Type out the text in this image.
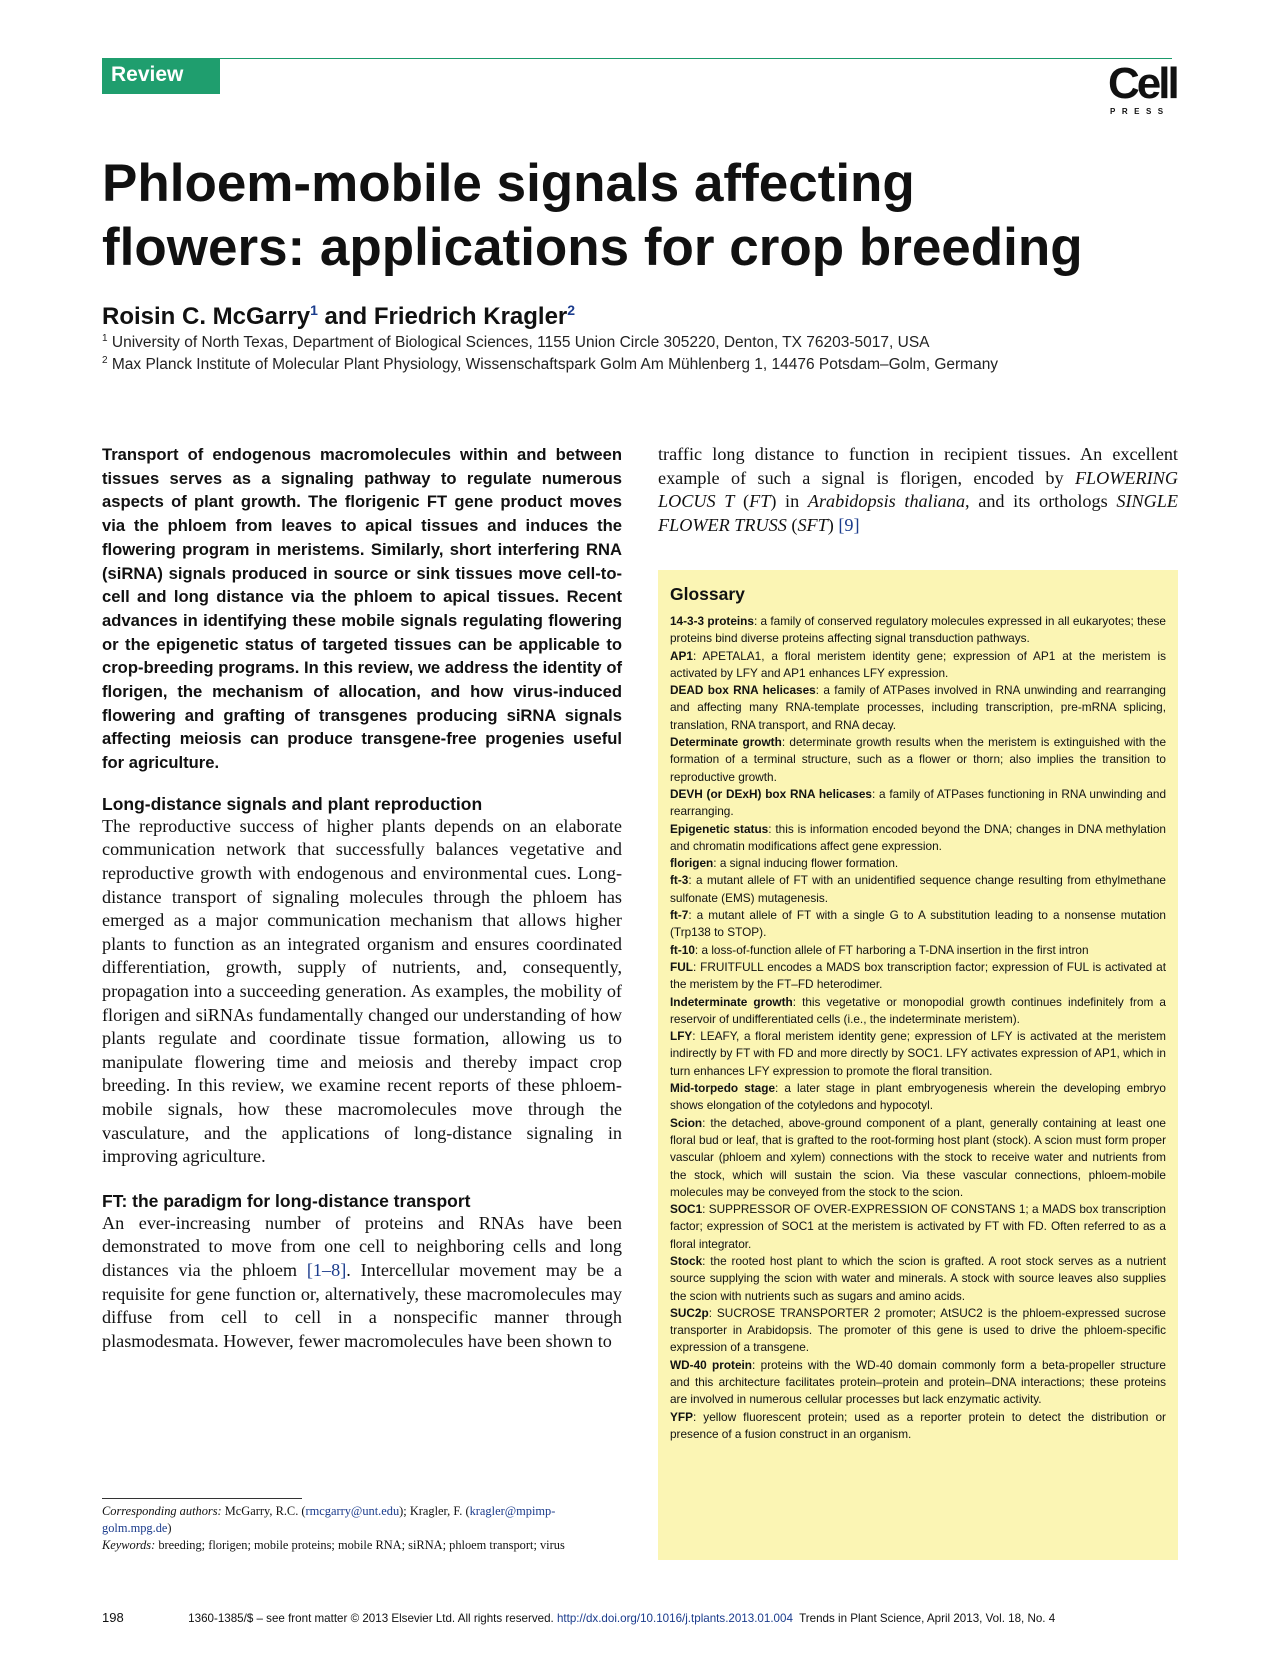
Review	Cell
PRESS
Phloem-mobile signals affecting
flowers: applications for crop breeding
Roisin C. McGarry$^1$ and Friedrich Kragler$^2$
$^1$ University of North Texas, Department of Biological Sciences, 1155 Union Circle 305220, Denton, TX 76203-5017, USA
$^2$ Max Planck Institute of Molecular Plant Physiology, Wissenschaftspark Golm Am Mühlenberg 1, 14476 Potsdam–Golm, Germany

Transport of endogenous macromolecules within and between tissues serves as a signaling pathway to regulate numerous aspects of plant growth. The florigenic FT gene product moves via the phloem from leaves to apical tissues and induces the flowering program in meristems. Similarly, short interfering RNA (siRNA) signals produced in source or sink tissues move cell-to-cell and long distance via the phloem to apical tissues. Recent advances in identifying these mobile signals regulating flowering or the epigenetic status of targeted tissues can be applicable to crop-breeding programs. In this review, we address the identity of florigen, the mechanism of allocation, and how virus-induced flowering and grafting of transgenes producing siRNA signals affecting meiosis can produce transgene-free progenies useful for agriculture.

Long-distance signals and plant reproduction

The reproductive success of higher plants depends on an elaborate communication network that successfully balances vegetative and reproductive growth with endogenous and environmental cues. Long-distance transport of signaling molecules through the phloem has emerged as a major communication mechanism that allows higher plants to function as an integrated organism and ensures coordinated differentiation, growth, supply of nutrients, and, consequently, propagation into a succeeding generation. As examples, the mobility of florigen and siRNAs fundamentally changed our understanding of how plants regulate and coordinate tissue formation, allowing us to manipulate flowering time and meiosis and thereby impact crop breeding. In this review, we examine recent reports of these phloem-mobile signals, how these macromolecules move through the vasculature, and the applications of long-distance signaling in improving agriculture.

FT: the paradigm for long-distance transport

An ever-increasing number of proteins and RNAs have been demonstrated to move from one cell to neighboring cells and long distances via the phloem [1–8]. Intercellular movement may be a requisite for gene function or, alternatively, these macromolecules may diffuse from cell to cell in a nonspecific manner through plasmodesmata. However, fewer macromolecules have been shown to

traffic long distance to function in recipient tissues. An excellent example of such a signal is florigen, encoded by FLOWERING LOCUS T (FT) in Arabidopsis thaliana, and its orthologs SINGLE FLOWER TRUSS (SFT) [9]

Glossary
14-3-3 proteins: a family of conserved regulatory molecules expressed in all eukaryotes; these proteins bind diverse proteins affecting signal transduction pathways.
AP1: APETALA1, a floral meristem identity gene; expression of AP1 at the meristem is activated by LFY and AP1 enhances LFY expression.
DEAD box RNA helicases: a family of ATPases involved in RNA unwinding and rearranging and affecting many RNA-template processes, including transcription, pre-mRNA splicing, translation, RNA transport, and RNA decay.
Determinate growth: determinate growth results when the meristem is extinguished with the formation of a terminal structure, such as a flower or thorn; also implies the transition to reproductive growth.
DEVH (or DExH) box RNA helicases: a family of ATPases functioning in RNA unwinding and rearranging.
Epigenetic status: this is information encoded beyond the DNA; changes in DNA methylation and chromatin modifications affect gene expression.
florigen: a signal inducing flower formation.
ft-3: a mutant allele of FT with an unidentified sequence change resulting from ethylmethane sulfonate (EMS) mutagenesis.
ft-7: a mutant allele of FT with a single G to A substitution leading to a nonsense mutation (Trp138 to STOP).
ft-10: a loss-of-function allele of FT harboring a T-DNA insertion in the first intron
FUL: FRUITFULL encodes a MADS box transcription factor; expression of FUL is activated at the meristem by the FT–FD heterodimer.
Indeterminate growth: this vegetative or monopodial growth continues indefinitely from a reservoir of undifferentiated cells (i.e., the indeterminate meristem).
LFY: LEAFY, a floral meristem identity gene; expression of LFY is activated at the meristem indirectly by FT with FD and more directly by SOC1. LFY activates expression of AP1, which in turn enhances LFY expression to promote the floral transition.
Mid-torpedo stage: a later stage in plant embryogenesis wherein the developing embryo shows elongation of the cotyledons and hypocotyl.
Scion: the detached, above-ground component of a plant, generally containing at least one floral bud or leaf, that is grafted to the root-forming host plant (stock). A scion must form proper vascular (phloem and xylem) connections with the stock to receive water and nutrients from the stock, which will sustain the scion. Via these vascular connections, phloem-mobile molecules may be conveyed from the stock to the scion.
SOC1: SUPPRESSOR OF OVER-EXPRESSION OF CONSTANS 1; a MADS box transcription factor; expression of SOC1 at the meristem is activated by FT with FD. Often referred to as a floral integrator.
Stock: the rooted host plant to which the scion is grafted. A root stock serves as a nutrient source supplying the scion with water and minerals. A stock with source leaves also supplies the scion with nutrients such as sugars and amino acids.
SUC2p: SUCROSE TRANSPORTER 2 promoter; AtSUC2 is the phloem-expressed sucrose transporter in Arabidopsis. The promoter of this gene is used to drive the phloem-specific expression of a transgene.
WD-40 protein: proteins with the WD-40 domain commonly form a beta-propeller structure and this architecture facilitates protein–protein and protein–DNA interactions; these proteins are involved in numerous cellular processes but lack enzymatic activity.
YFP: yellow fluorescent protein; used as a reporter protein to detect the distribution or presence of a fusion construct in an organism.

Corresponding authors: McGarry, R.C. (rmcgarry@unt.edu); Kragler, F. (kragler@mpimp-golm.mpg.de)
Keywords: breeding; florigen; mobile proteins; mobile RNA; siRNA; phloem transport; virus

198	1360-1385/$ – see front matter © 2013 Elsevier Ltd. All rights reserved. http://dx.doi.org/10.1016/j.tplants.2013.01.004  Trends in Plant Science, April 2013, Vol. 18, No. 4
